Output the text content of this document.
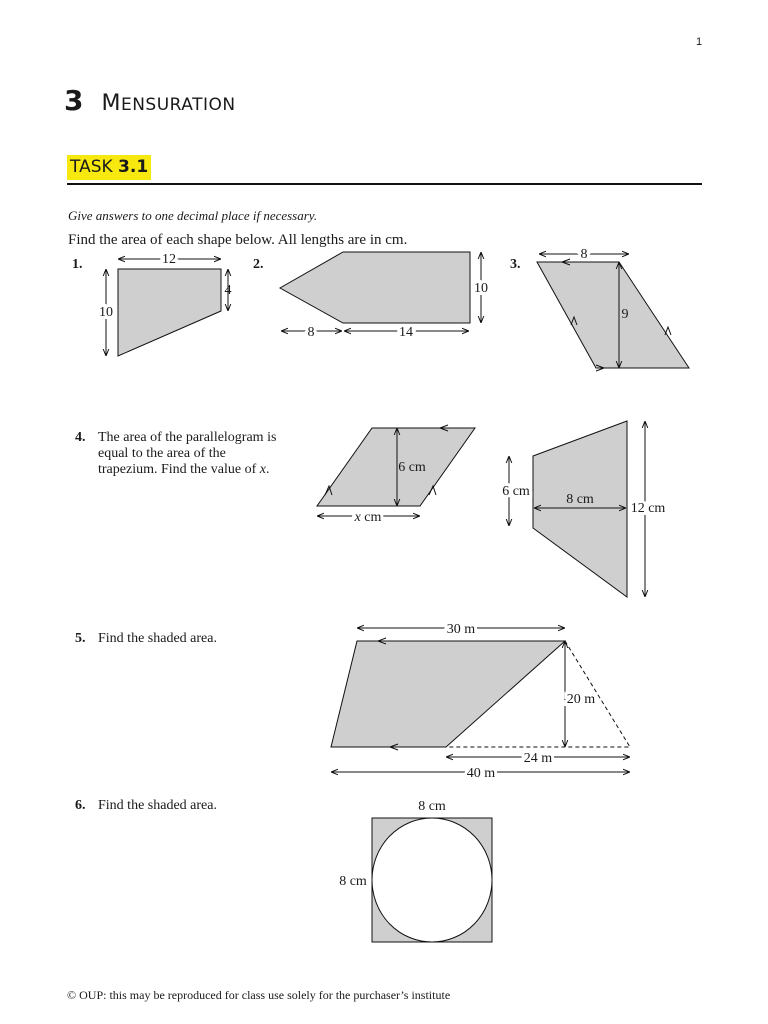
1
3 MENSURATION
TASK 3.1
Give answers to one decimal place if necessary.
Find the area of each shape below. All lengths are in cm.
1.	2.	3.
4. The area of the parallelogram is
equal to the area of the
trapezium. Find the value of x.
5. Find the shaded area.
6. Find the shaded area.
12
10
4	10
8	14
8
9
6 cm
x cm
6 cm
8 cm
12 cm
30 m
20 m
24 m
40 m
8 cm
8 cm
© OUP: this may be reproduced for class use solely for the purchaser’s institute
